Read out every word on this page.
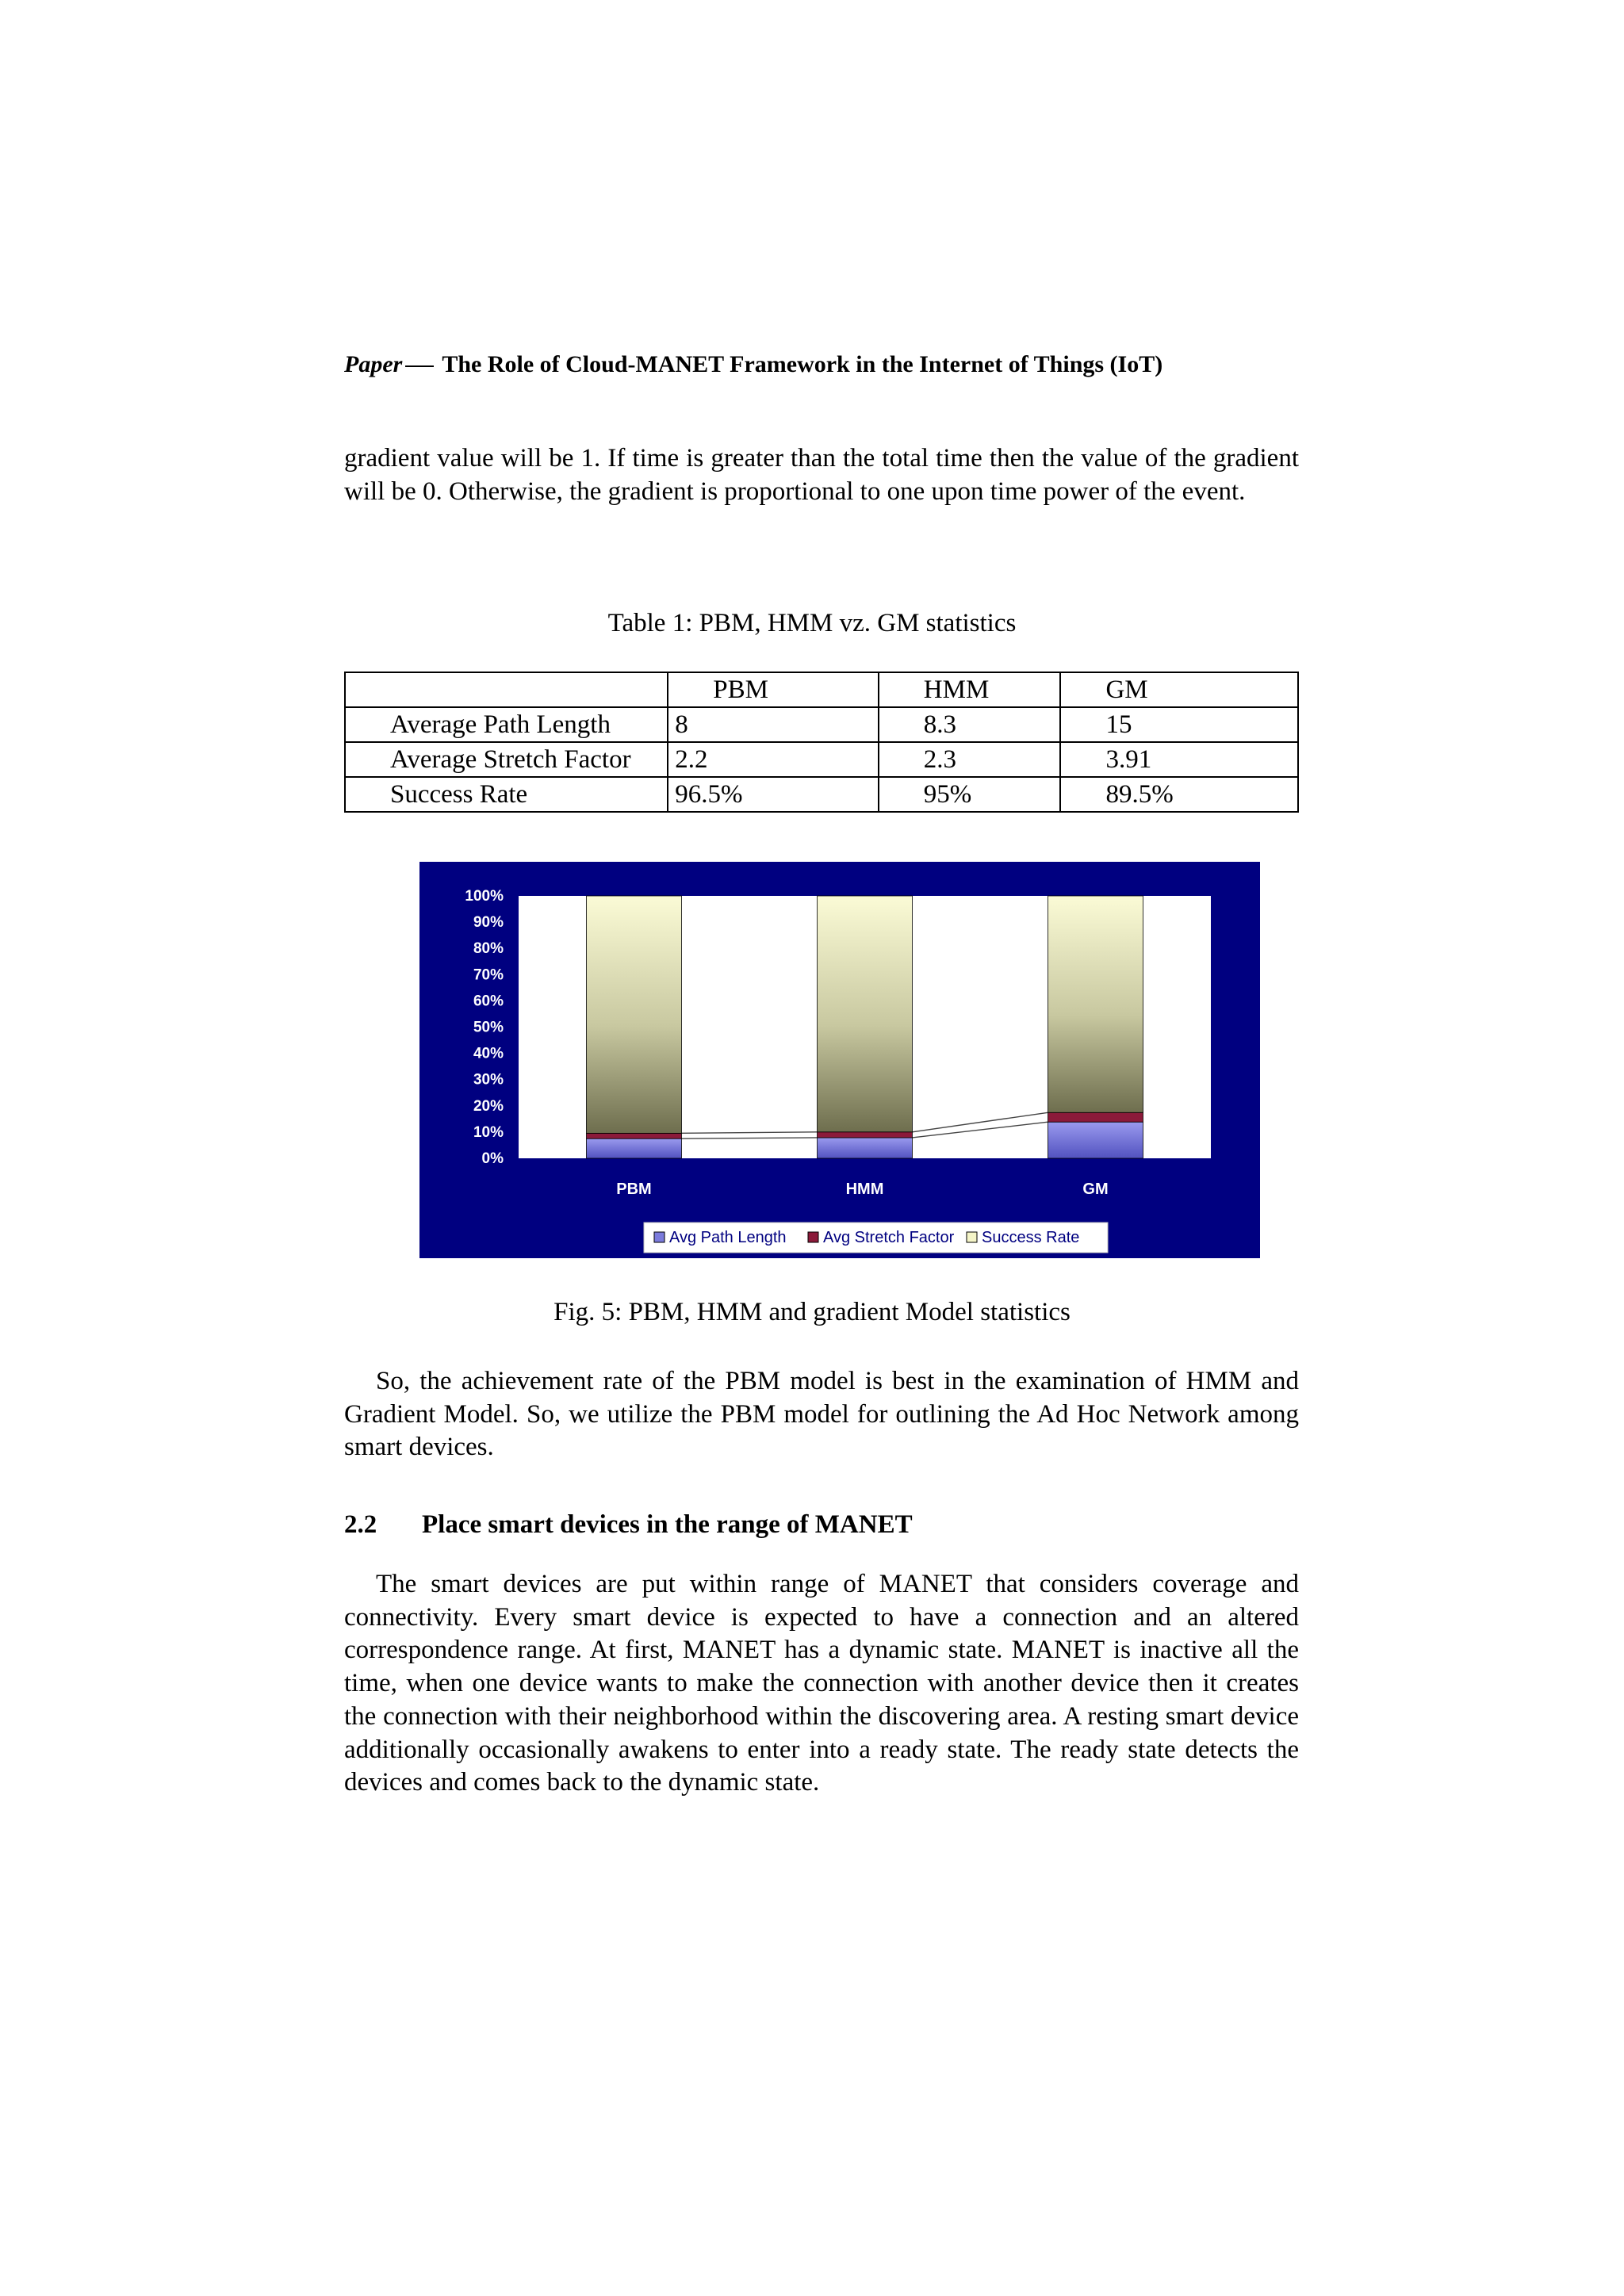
Paper The Role of Cloud-MANET Framework in the Internet of Things (IoT)
gradient value will be 1. If time is greater than the total time then the value of the gradient will be 0. Otherwise, the gradient is proportional to one upon time power of the event.
Table 1: PBM, HMM vz. GM statistics
	PBM	HMM	GM
Average Path Length	8	8.3	15
Average Stretch Factor	2.2	2.3	3.91
Success Rate	96.5%	95%	89.5%
0%
10%
20%
30%
40%
50%
60%
70%
80%
90%
100%
PBM	HMM	GM
Avg Path Length Avg Stretch Factor Success Rate
Fig. 5: PBM, HMM and gradient Model statistics
So, the achievement rate of the PBM model is best in the examination of HMM and Gradient Model. So, we utilize the PBM model for outlining the Ad Hoc Network among smart devices.
2.2 Place smart devices in the range of MANET
The smart devices are put within range of MANET that considers coverage and connectivity. Every smart device is expected to have a connection and an altered correspondence range. At first, MANET has a dynamic state. MANET is inactive all the time, when one device wants to make the connection with another device then it creates the connection with their neighborhood within the discovering area. A resting smart device additionally occasionally awakens to enter into a ready state. The ready state detects the devices and comes back to the dynamic state.
